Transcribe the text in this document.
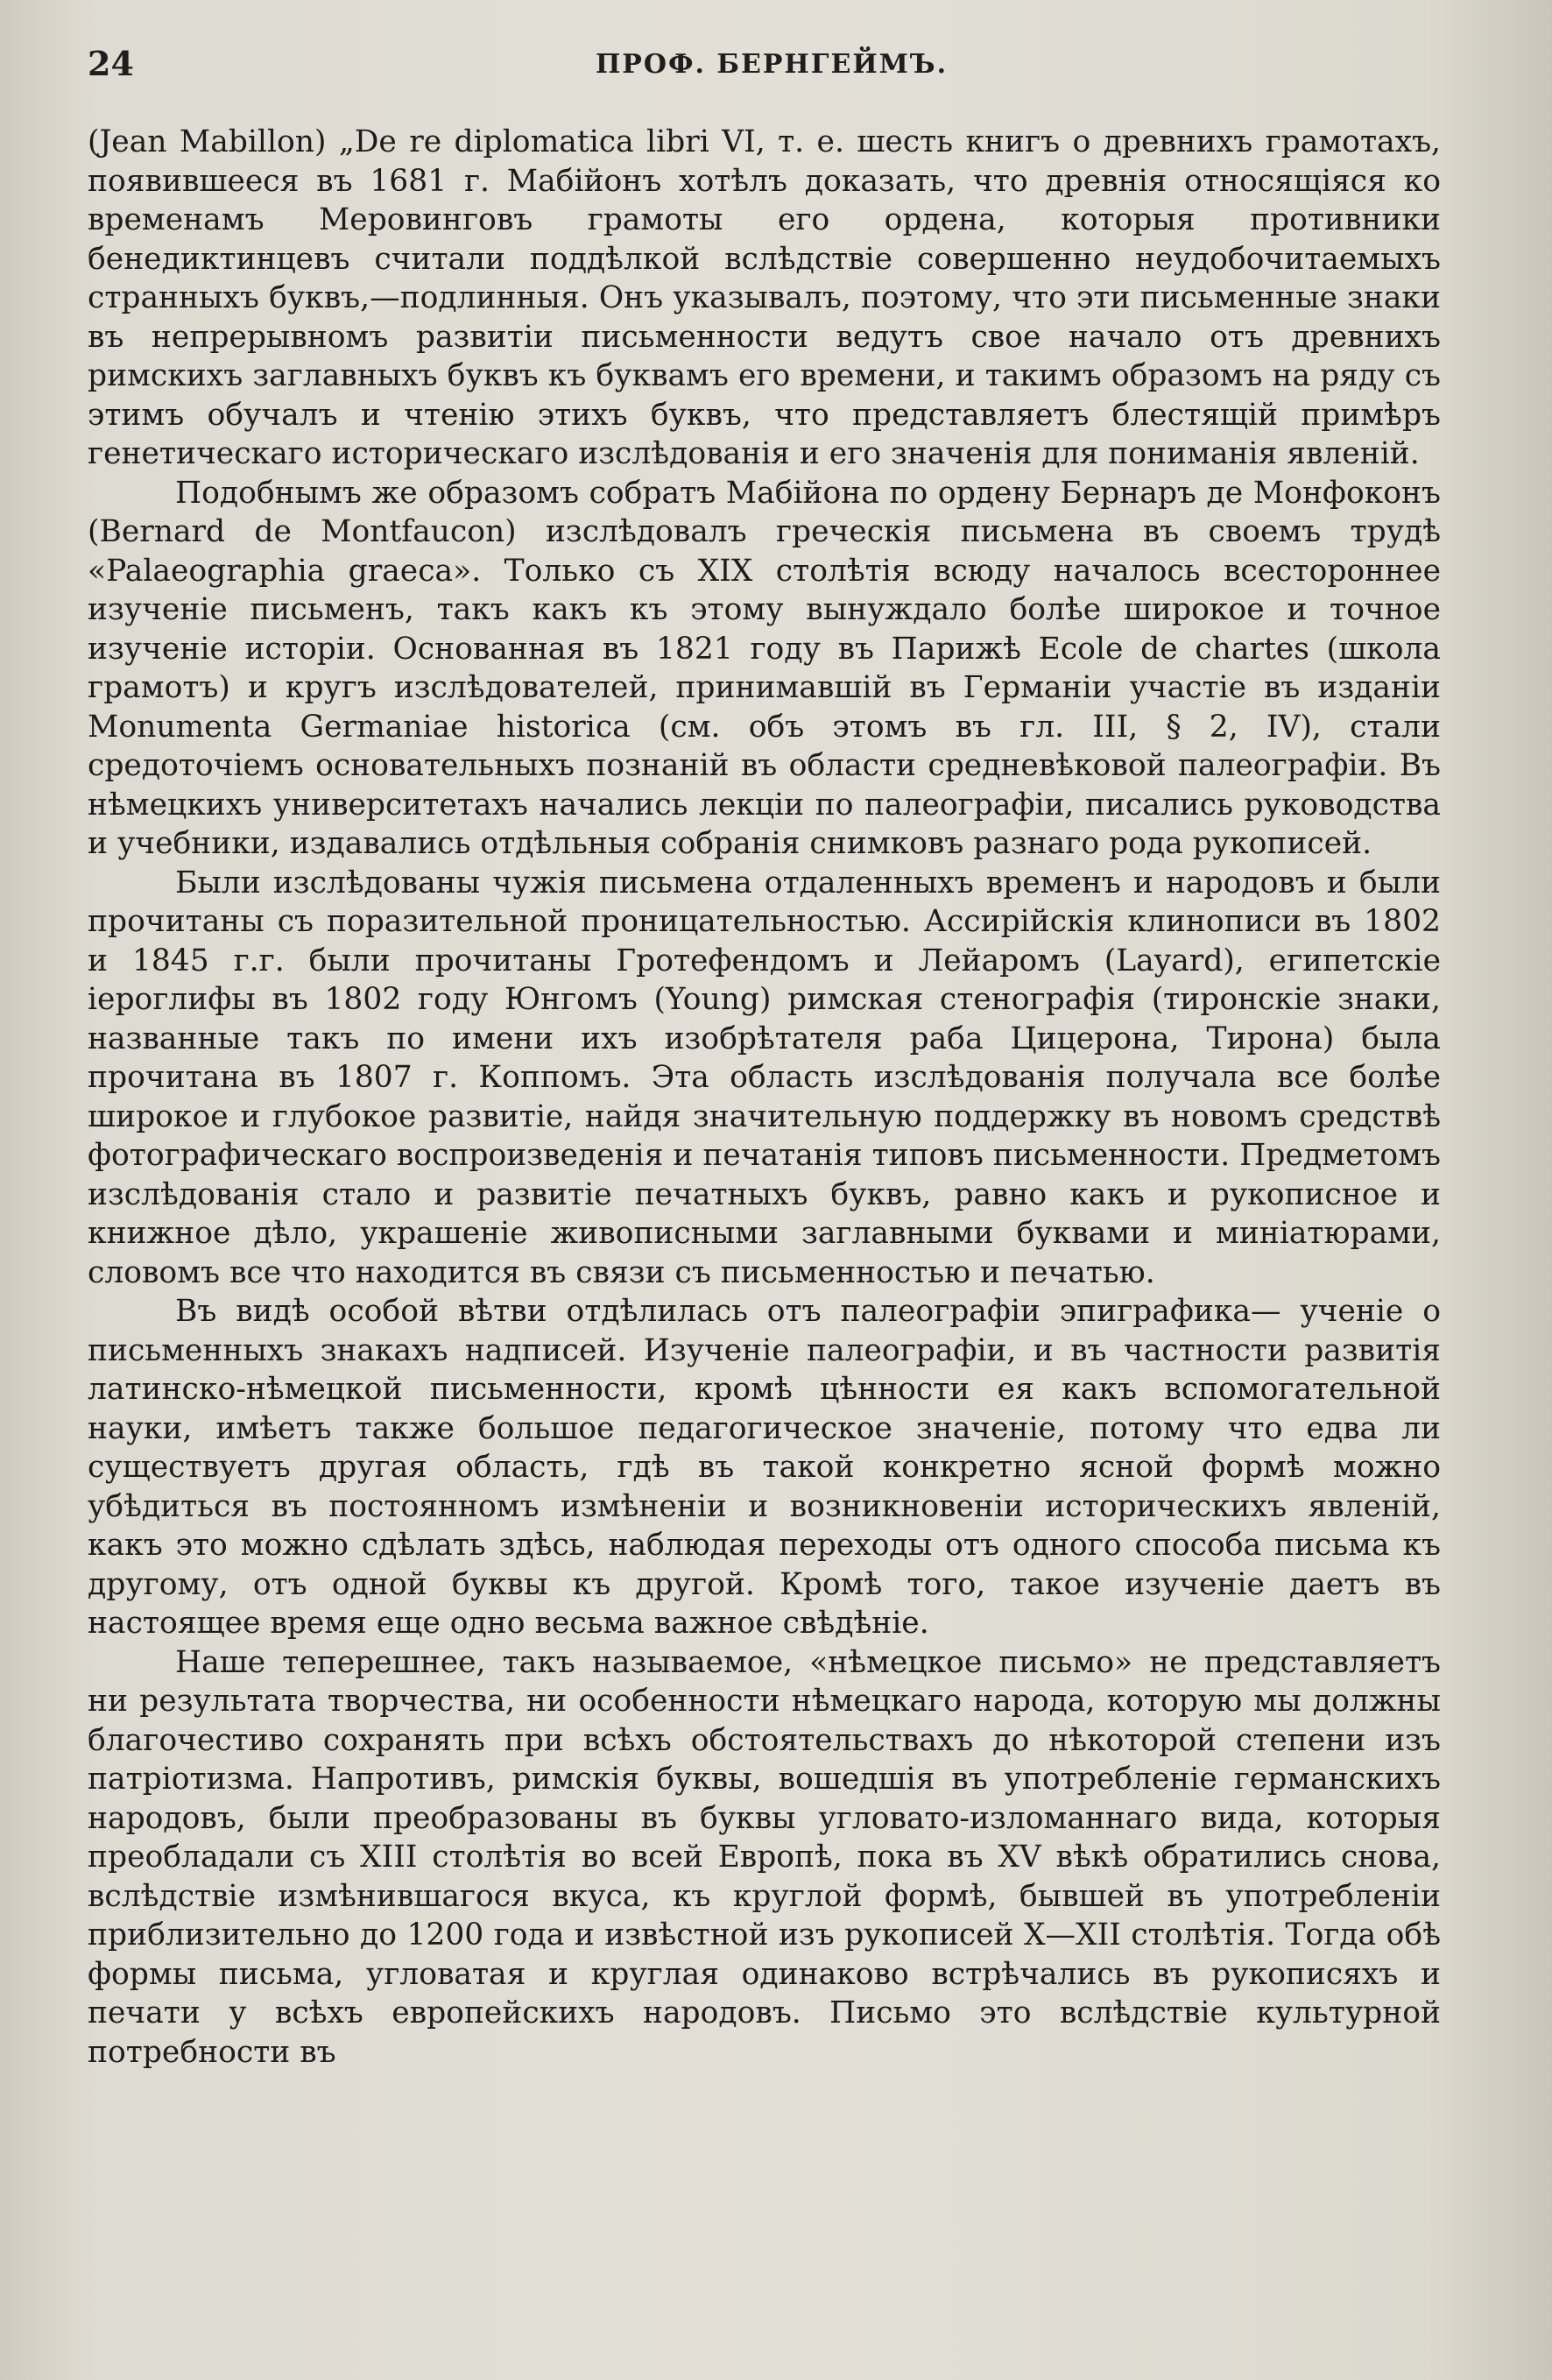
24	ПРОФ. БЕРНГЕЙМЪ.

(Jean Mabillon) „De re diplomatica libri VI, т. е. шесть книгъ о древнихъ грамотахъ, появившееся въ 1681 г. Мабійонъ хотѣлъ доказать, что древнія относящіяся ко временамъ Меровинговъ грамоты его ордена, которыя противники бенедиктинцевъ считали поддѣлкой вслѣдствіе совершенно неудобочитаемыхъ странныхъ буквъ,—подлинныя. Онъ указывалъ, поэтому, что эти письменные знаки въ непрерывномъ развитіи письменности ведутъ свое начало отъ древнихъ римскихъ заглавныхъ буквъ къ буквамъ его времени, и такимъ образомъ на ряду съ этимъ обучалъ и чтенію этихъ буквъ, что представляетъ блестящій примѣръ генетическаго историческаго изслѣдованія и его значенія для пониманія явленій.

Подобнымъ же образомъ собратъ Мабійона по ордену Бернаръ де Монфоконъ (Bernard de Montfaucon) изслѣдовалъ греческія письмена въ своемъ трудѣ «Palaeographia graeca». Только съ XIX столѣтія всюду началось всестороннее изученіе письменъ, такъ какъ къ этому вынуждало болѣе широкое и точное изученіе исторіи. Основанная въ 1821 году въ Парижѣ Ecole de chartes (школа грамотъ) и кругъ изслѣдователей, принимавшій въ Германіи участіе въ изданіи Monumenta Germaniae historica (см. объ этомъ въ гл. III, § 2, IV), стали средоточіемъ основательныхъ познаній въ области средневѣковой палеографіи. Въ нѣмецкихъ университетахъ начались лекціи по палеографіи, писались руководства и учебники, издавались отдѣльныя собранія снимковъ разнаго рода рукописей.

Были изслѣдованы чужія письмена отдаленныхъ временъ и народовъ и были прочитаны съ поразительной проницательностью. Ассирійскія клинописи въ 1802 и 1845 г.г. были прочитаны Гротефендомъ и Лейаромъ (Layard), египетскіе іероглифы въ 1802 году Юнгомъ (Young) римская стенографія (тиронскіе знаки, названные такъ по имени ихъ изобрѣтателя раба Цицерона, Тирона) была прочитана въ 1807 г. Коппомъ. Эта область изслѣдованія получала все болѣе широкое и глубокое развитіе, найдя значительную поддержку въ новомъ средствѣ фотографическаго воспроизведенія и печатанія типовъ письменности. Предметомъ изслѣдованія стало и развитіе печатныхъ буквъ, равно какъ и рукописное и книжное дѣло, украшеніе живописными заглавными буквами и миніатюрами, словомъ все что находится въ связи съ письменностью и печатью.

Въ видѣ особой вѣтви отдѣлилась отъ палеографіи эпиграфика— ученіе о письменныхъ знакахъ надписей. Изученіе палеографіи, и въ частности развитія латинско-нѣмецкой письменности, кромѣ цѣнности ея какъ вспомогательной науки, имѣетъ также большое педагогическое значеніе, потому что едва ли существуетъ другая область, гдѣ въ такой конкретно ясной формѣ можно убѣдиться въ постоянномъ измѣненіи и возникновеніи историческихъ явленій, какъ это можно сдѣлать здѣсь, наблюдая переходы отъ одного способа письма къ другому, отъ одной буквы къ другой. Кромѣ того, такое изученіе даетъ въ настоящее время еще одно весьма важное свѣдѣніе.

Наше теперешнее, такъ называемое, «нѣмецкое письмо» не представляетъ ни результата творчества, ни особенности нѣмецкаго народа, которую мы должны благочестиво сохранять при всѣхъ обстоятельствахъ до нѣкоторой степени изъ патріотизма. Напротивъ, римскія буквы, вошедшія въ употребленіе германскихъ народовъ, были преобразованы въ буквы угловато-изломаннаго вида, которыя преобладали съ XIII столѣтія во всей Европѣ, пока въ XV вѣкѣ обратились снова, вслѣдствіе измѣнившагося вкуса, къ круглой формѣ, бывшей въ употребленіи приблизительно до 1200 года и извѣстной изъ рукописей X—XII столѣтія. Тогда обѣ формы письма, угловатая и круглая одинаково встрѣчались въ рукописяхъ и печати у всѣхъ европейскихъ народовъ. Письмо это вслѣдствіе культурной потребности въ
